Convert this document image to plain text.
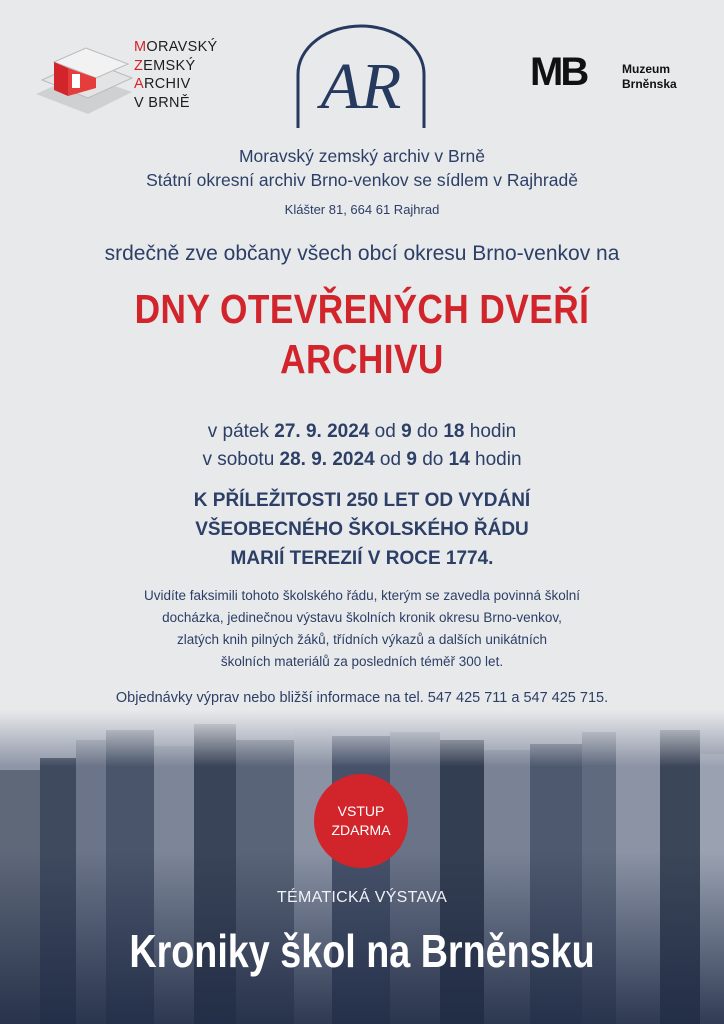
MORAVSKÝ
ZEMSKÝ
ARCHIV
V BRNĚ	AR	MB	Muzeum
Brněnska
Moravský zemský archiv v Brně
Státní okresní archiv Brno-venkov se sídlem v Rajhradě
Klášter 81, 664 61 Rajhrad
srdečně zve občany všech obcí okresu Brno-venkov na
DNY OTEVŘENÝCH DVEŘÍ
ARCHIVU
v pátek 27. 9. 2024 od 9 do 18 hodin
v sobotu 28. 9. 2024 od 9 do 14 hodin
K PŘÍLEŽITOSTI 250 LET OD VYDÁNÍ
VŠEOBECNÉHO ŠKOLSKÉHO ŘÁDU
MARIÍ TEREZIÍ V ROCE 1774.
Uvidíte faksimili tohoto školského řádu, kterým se zavedla povinná školní
docházka, jedinečnou výstavu školních kronik okresu Brno-venkov,
zlatých knih pilných žáků, třídních výkazů a dalších unikátních
školních materiálů za posledních téměř 300 let.
Objednávky výprav nebo bližší informace na tel. 547 425 711 a 547 425 715.
VSTUP
ZDARMA
TÉMATICKÁ VÝSTAVA
Kroniky škol na Brněnsku
